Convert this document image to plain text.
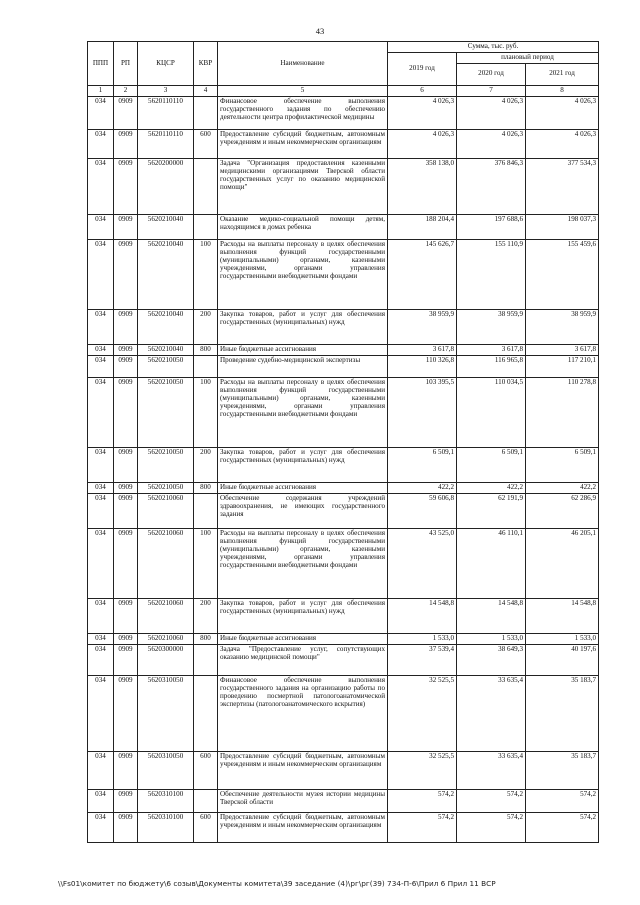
43
ППП	РП	КЦСР	КВР	Наименование	Сумма, тыс. руб.		
					2019 год	плановый период	
						2020 год	2021 год
1	2	3	4	5	6	7	8
034	0909	5620110110		Финансовое обеспечение выполнения государственного задания по обеспечению деятельности центра профилактической медицины	4 026,3	4 026,3	4 026,3
034	0909	5620110110	600	Предоставление субсидий бюджетным, автономным учреждениям и иным некоммерческим организациям	4 026,3	4 026,3	4 026,3
034	0909	5620200000		Задача "Организация предоставления казенными медицинскими организациями Тверской области государственных услуг по оказанию медицинской помощи"	358 138,0	376 846,3	377 534,3
034	0909	5620210040		Оказание медико-социальной помощи детям, находящимся в домах ребенка	188 204,4	197 688,6	198 037,3
034	0909	5620210040	100	Расходы на выплаты персоналу в целях обеспечения выполнения функций государственными (муниципальными) органами, казенными учреждениями, органами управления государственными внебюджетными фондами	145 626,7	155 110,9	155 459,6
034	0909	5620210040	200	Закупка товаров, работ и услуг для обеспечения государственных (муниципальных) нужд	38 959,9	38 959,9	38 959,9
034	0909	5620210040	800	Иные бюджетные ассигнования	3 617,8	3 617,8	3 617,8
034	0909	5620210050		Проведение судебно-медицинской экспертизы	110 326,8	116 965,8	117 210,1
034	0909	5620210050	100	Расходы на выплаты персоналу в целях обеспечения выполнения функций государственными (муниципальными) органами, казенными учреждениями, органами управления государственными внебюджетными фондами	103 395,5	110 034,5	110 278,8
034	0909	5620210050	200	Закупка товаров, работ и услуг для обеспечения государственных (муниципальных) нужд	6 509,1	6 509,1	6 509,1
034	0909	5620210050	800	Иные бюджетные ассигнования	422,2	422,2	422,2
034	0909	5620210060		Обеспечение содержания учреждений здравоохранения, не имеющих государственного задания	59 606,8	62 191,9	62 286,9
034	0909	5620210060	100	Расходы на выплаты персоналу в целях обеспечения выполнения функций государственными (муниципальными) органами, казенными учреждениями, органами управления государственными внебюджетными фондами	43 525,0	46 110,1	46 205,1
034	0909	5620210060	200	Закупка товаров, работ и услуг для обеспечения государственных (муниципальных) нужд	14 548,8	14 548,8	14 548,8
034	0909	5620210060	800	Иные бюджетные ассигнования	1 533,0	1 533,0	1 533,0
034	0909	5620300000		Задача "Предоставление услуг, сопутствующих оказанию медицинской помощи"	37 539,4	38 649,3	40 197,6
034	0909	5620310050		Финансовое обеспечение выполнения государственного задания на организацию работы по проведению посмертной патологоанатомической экспертизы (патологоанатомического вскрытия)	32 525,5	33 635,4	35 183,7
034	0909	5620310050	600	Предоставление субсидий бюджетным, автономным учреждениям и иным некоммерческим организациям	32 525,5	33 635,4	35 183,7
034	0909	5620310100		Обеспечение деятельности музея истории медицины Тверской области	574,2	574,2	574,2
034	0909	5620310100	600	Предоставление субсидий бюджетным, автономным учреждениям и иным некоммерческим организациям	574,2	574,2	574,2
\\Fs01\комитет по бюджету\6 созыв\Документы комитета\39 заседание (4)\рг\рг(39) 734-П-6\Прил 6 Прил 11 ВСР
